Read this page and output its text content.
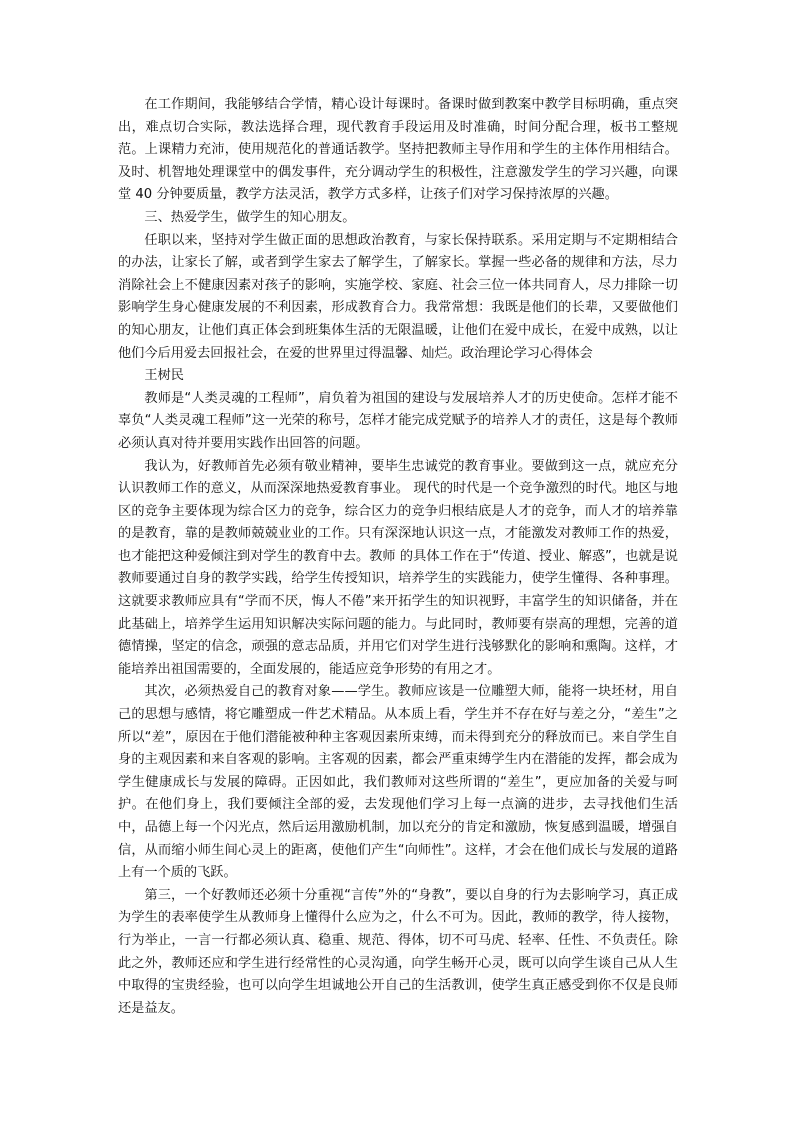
在工作期间，我能够结合学情，精心设计每课时。备课时做到教案中教学目标明确，重点突出，难点切合实际，教法选择合理，现代教育手段运用及时准确，时间分配合理，板书工整规范。上课精力充沛，使用规范化的普通话教学。坚持把教师主导作用和学生的主体作用相结合。及时、机智地处理课堂中的偶发事件，充分调动学生的积极性，注意激发学生的学习兴趣，向课堂 40 分钟要质量，教学方法灵活，教学方式多样，让孩子们对学习保持浓厚的兴趣。

三、热爱学生，做学生的知心朋友。

任职以来，坚持对学生做正面的思想政治教育，与家长保持联系。采用定期与不定期相结合的办法，让家长了解，或者到学生家去了解学生，了解家长。掌握一些必备的规律和方法，尽力消除社会上不健康因素对孩子的影响，实施学校、家庭、社会三位一体共同育人，尽力排除一切影响学生身心健康发展的不利因素，形成教育合力。我常常想：我既是他们的长辈，又要做他们的知心朋友，让他们真正体会到班集体生活的无限温暖，让他们在爱中成长，在爱中成熟，以让他们今后用爱去回报社会，在爱的世界里过得温馨、灿烂。政治理论学习心得体会

王树民

教师是“人类灵魂的工程师”，肩负着为祖国的建设与发展培养人才的历史使命。怎样才能不辜负“人类灵魂工程师”这一光荣的称号，怎样才能完成党赋予的培养人才的责任，这是每个教师必须认真对待并要用实践作出回答的问题。

我认为，好教师首先必须有敬业精神，要毕生忠诚党的教育事业。要做到这一点，就应充分认识教师工作的意义，从而深深地热爱教育事业。 现代的时代是一个竞争激烈的时代。地区与地区的竞争主要体现为综合区力的竞争，综合区力的竞争归根结底是人才的竞争，而人才的培养靠的是教育，靠的是教师兢兢业业的工作。只有深深地认识这一点，才能激发对教师工作的热爱，也才能把这种爱倾注到对学生的教育中去。教师 的具体工作在于“传道、授业、解惑”，也就是说教师要通过自身的教学实践，给学生传授知识，培养学生的实践能力，使学生懂得、各种事理。这就要求教师应具有“学而不厌，悔人不倦”来开拓学生的知识视野，丰富学生的知识储备，并在此基础上，培养学生运用知识解决实际问题的能力。与此同时，教师要有崇高的理想，完善的道德情操，坚定的信念，顽强的意志品质，并用它们对学生进行浅够默化的影响和熏陶。这样，才能培养出祖国需要的，全面发展的，能适应竞争形势的有用之才。

其次，必须热爱自己的教育对象——学生。教师应该是一位雕塑大师，能将一块坯材，用自己的思想与感情，将它雕塑成一件艺术精品。从本质上看，学生并不存在好与差之分，“差生”之所以“差”，原因在于他们潜能被种种主客观因素所束缚，而未得到充分的释放而已。来自学生自身的主观因素和来自客观的影响。主客观的因素，都会严重束缚学生内在潜能的发挥，都会成为学生健康成长与发展的障碍。正因如此，我们教师对这些所谓的“差生”，更应加备的关爱与呵护。在他们身上，我们要倾注全部的爱，去发现他们学习上每一点滴的进步，去寻找他们生活中，品德上每一个闪光点，然后运用激励机制，加以充分的肯定和激励，恢复感到温暖，增强自信，从而缩小师生间心灵上的距离，使他们产生“向师性”。这样，才会在他们成长与发展的道路上有一个质的飞跃。

第三，一个好教师还必须十分重视“言传”外的“身教”，要以自身的行为去影响学习，真正成为学生的表率使学生从教师身上懂得什么应为之，什么不可为。因此，教师的教学，待人接物，行为举止，一言一行都必须认真、稳重、规范、得体，切不可马虎、轻率、任性、不负责任。除此之外，教师还应和学生进行经常性的心灵沟通，向学生畅开心灵，既可以向学生谈自己从人生中取得的宝贵经验，也可以向学生坦诚地公开自己的生活教训，使学生真正感受到你不仅是良师还是益友。
